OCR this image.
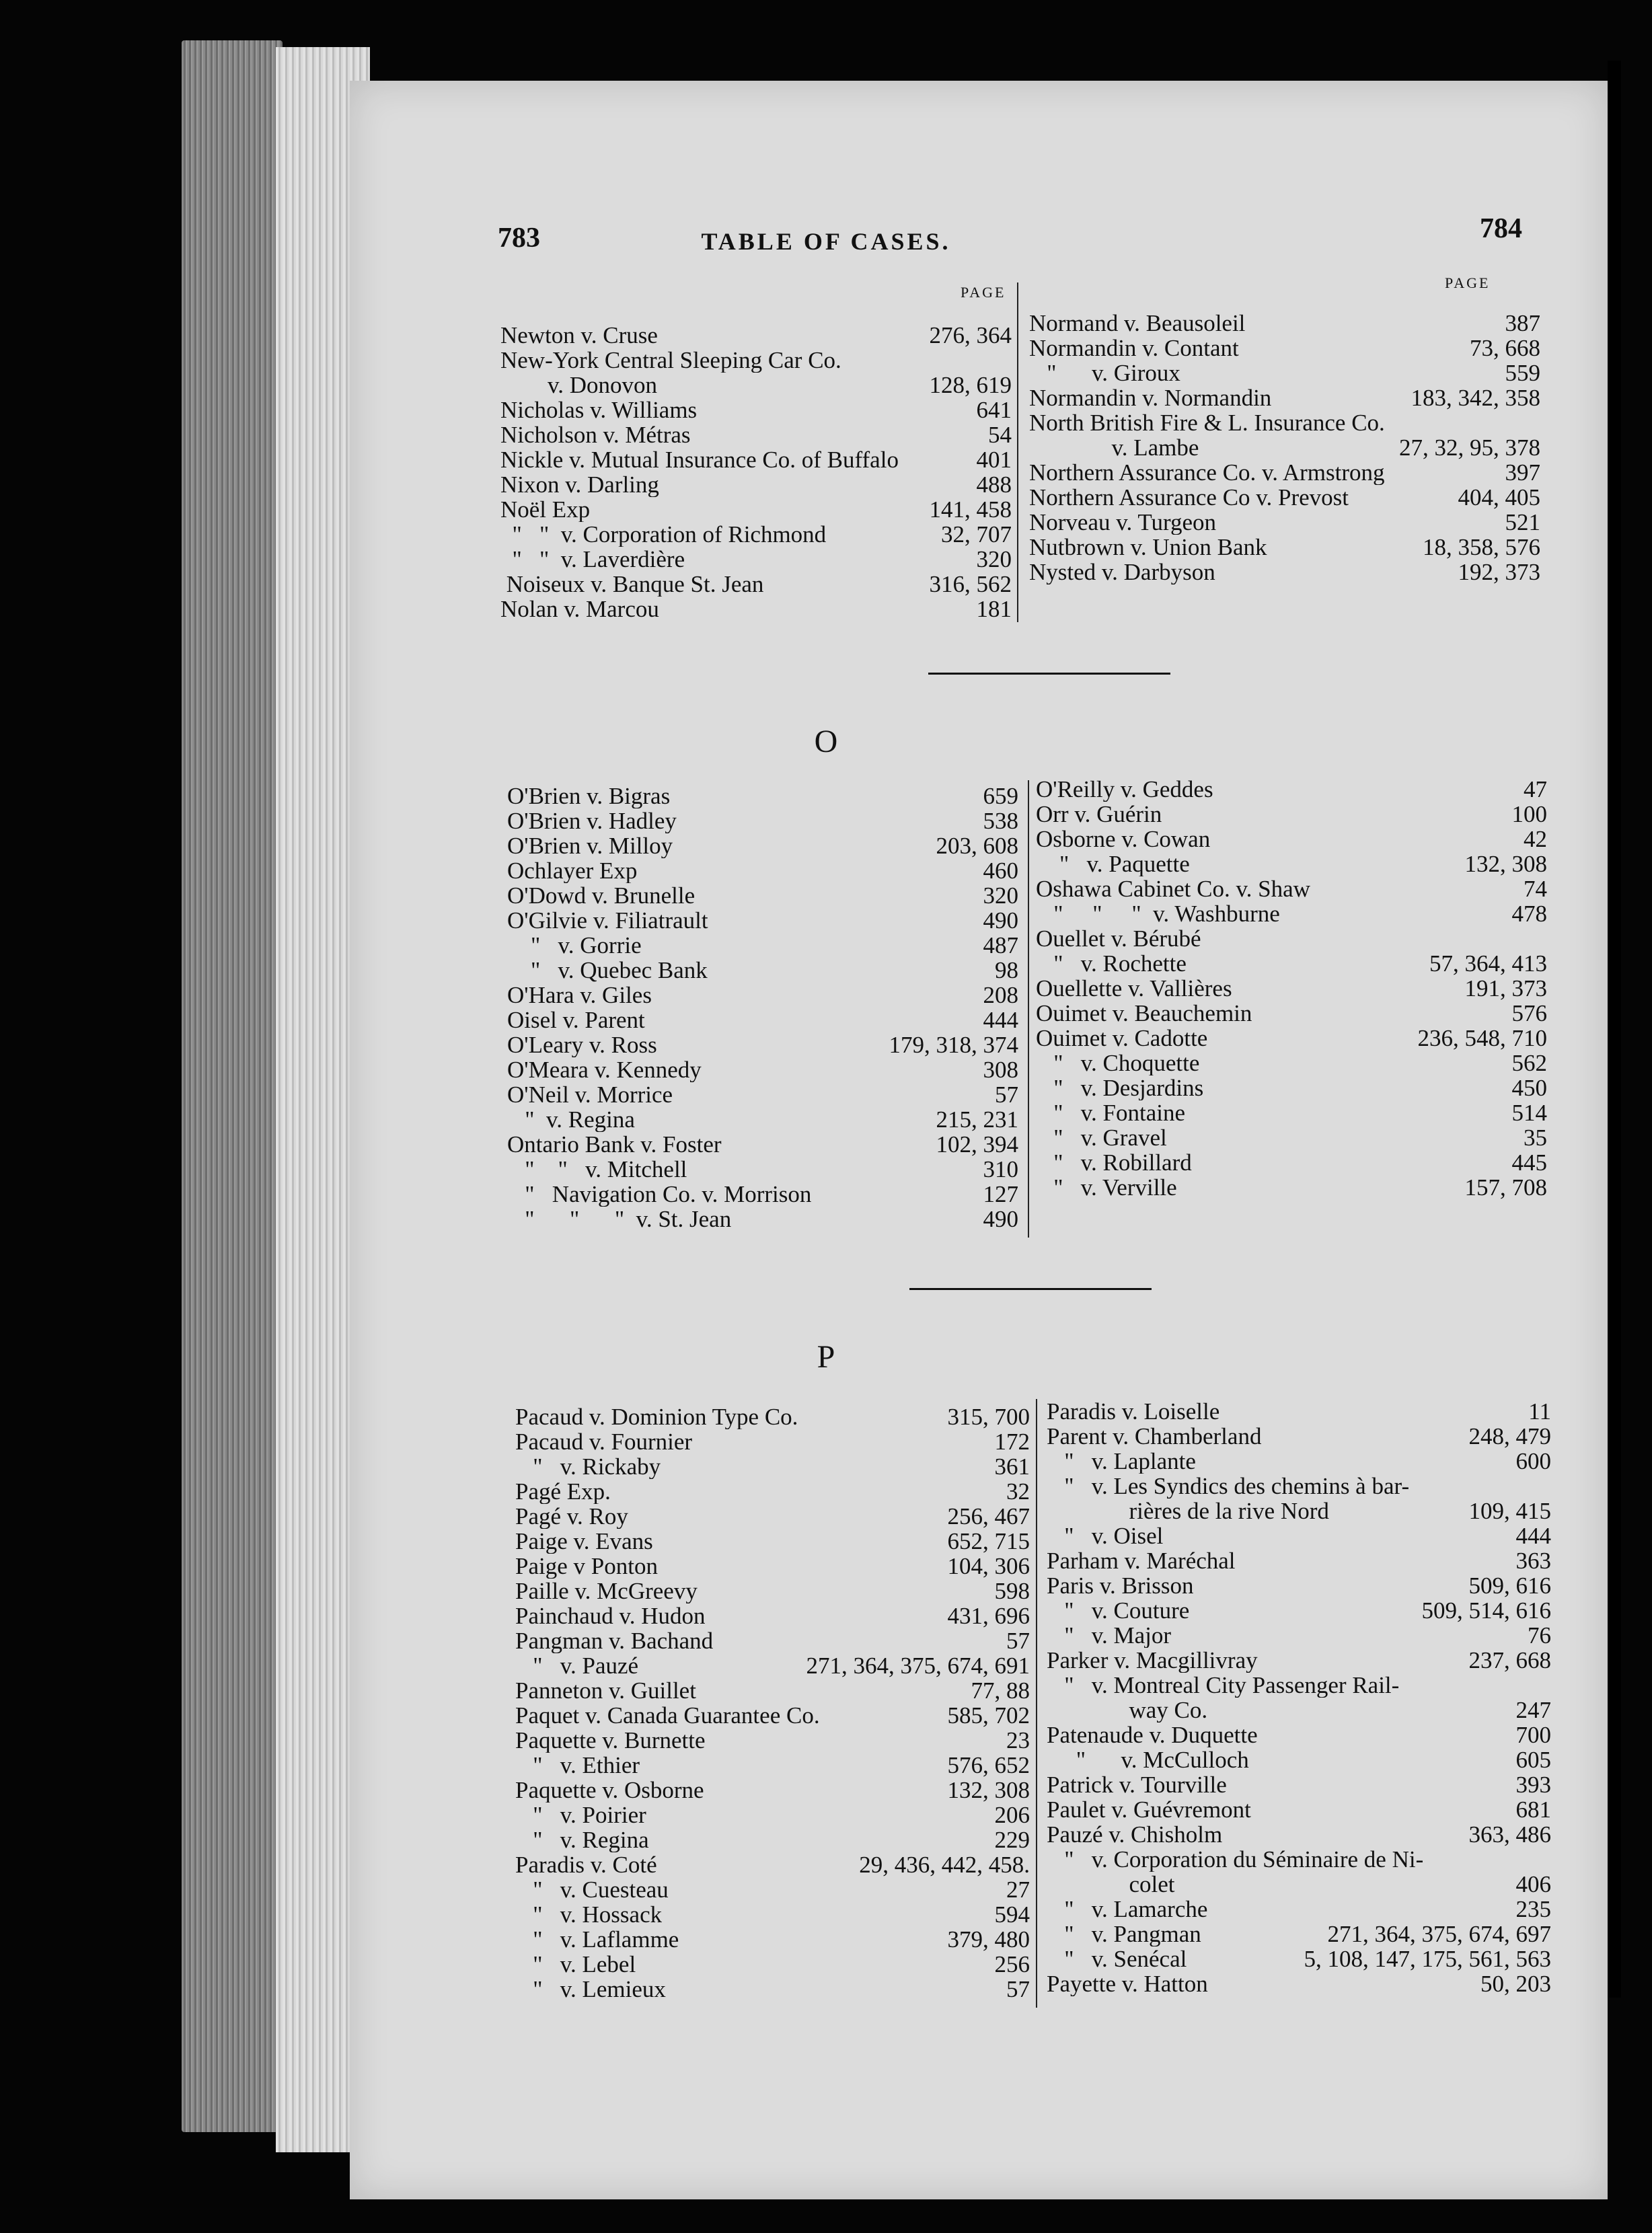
783	TABLE OF CASES.	784
PAGE
PAGE
Newton v. Cruse	276, 364
New-York Central Sleeping Car Co.
v. Donovon	128, 619
Nicholas v. Williams	641
Nicholson v. Métras	54
Nickle v. Mutual Insurance Co. of Buffalo	401
Nixon v. Darling	488
Noël Exp	141, 458
"   "  v. Corporation of Richmond	32, 707
"   "  v. Laverdière	320
Noiseux v. Banque St. Jean	316, 562
Nolan v. Marcou	181
Normand v. Beausoleil	387
Normandin v. Contant	73, 668
"      v. Giroux	559
Normandin v. Normandin	183, 342, 358
North British Fire & L. Insurance Co.
v. Lambe	27, 32, 95, 378
Northern Assurance Co. v. Armstrong	397
Northern Assurance Co v. Prevost	404, 405
Norveau v. Turgeon	521
Nutbrown v. Union Bank	18, 358, 576
Nysted v. Darbyson	192, 373
O
O'Brien v. Bigras	659
O'Brien v. Hadley	538
O'Brien v. Milloy	203, 608
Ochlayer Exp	460
O'Dowd v. Brunelle	320
O'Gilvie v. Filiatrault	490
"   v. Gorrie	487
"   v. Quebec Bank	98
O'Hara v. Giles	208
Oisel v. Parent	444
O'Leary v. Ross	179, 318, 374
O'Meara v. Kennedy	308
O'Neil v. Morrice	57
"  v. Regina	215, 231
Ontario Bank v. Foster	102, 394
"    "   v. Mitchell	310
"   Navigation Co. v. Morrison	127
"      "      "  v. St. Jean	490
O'Reilly v. Geddes	47
Orr v. Guérin	100
Osborne v. Cowan	42
"   v. Paquette	132, 308
Oshawa Cabinet Co. v. Shaw	74
"     "     "  v. Washburne	478
Ouellet v. Bérubé
"   v. Rochette	57, 364, 413
Ouellette v. Vallières	191, 373
Ouimet v. Beauchemin	576
Ouimet v. Cadotte	236, 548, 710
"   v. Choquette	562
"   v. Desjardins	450
"   v. Fontaine	514
"   v. Gravel	35
"   v. Robillard	445
"   v. Verville	157, 708
P
Pacaud v. Dominion Type Co.	315, 700
Pacaud v. Fournier	172
"   v. Rickaby	361
Pagé Exp.	32
Pagé v. Roy	256, 467
Paige v. Evans	652, 715
Paige v Ponton	104, 306
Paille v. McGreevy	598
Painchaud v. Hudon	431, 696
Pangman v. Bachand	57
"   v. Pauzé	271, 364, 375, 674, 691
Panneton v. Guillet	77, 88
Paquet v. Canada Guarantee Co.	585, 702
Paquette v. Burnette	23
"   v. Ethier	576, 652
Paquette v. Osborne	132, 308
"   v. Poirier	206
"   v. Regina	229
Paradis v. Coté	29, 436, 442, 458.
"   v. Cuesteau	27
"   v. Hossack	594
"   v. Laflamme	379, 480
"   v. Lebel	256
"   v. Lemieux	57
Paradis v. Loiselle	11
Parent v. Chamberland	248, 479
"   v. Laplante	600
"   v. Les Syndics des chemins à bar-
rières de la rive Nord	109, 415
"   v. Oisel	444
Parham v. Maréchal	363
Paris v. Brisson	509, 616
"   v. Couture	509, 514, 616
"   v. Major	76
Parker v. Macgillivray	237, 668
"   v. Montreal City Passenger Rail-
way Co.	247
Patenaude v. Duquette	700
"      v. McCulloch	605
Patrick v. Tourville	393
Paulet v. Guévremont	681
Pauzé v. Chisholm	363, 486
"   v. Corporation du Séminaire de Ni-
colet	406
"   v. Lamarche	235
"   v. Pangman	271, 364, 375, 674, 697
"   v. Senécal	5, 108, 147, 175, 561, 563
Payette v. Hatton	50, 203
